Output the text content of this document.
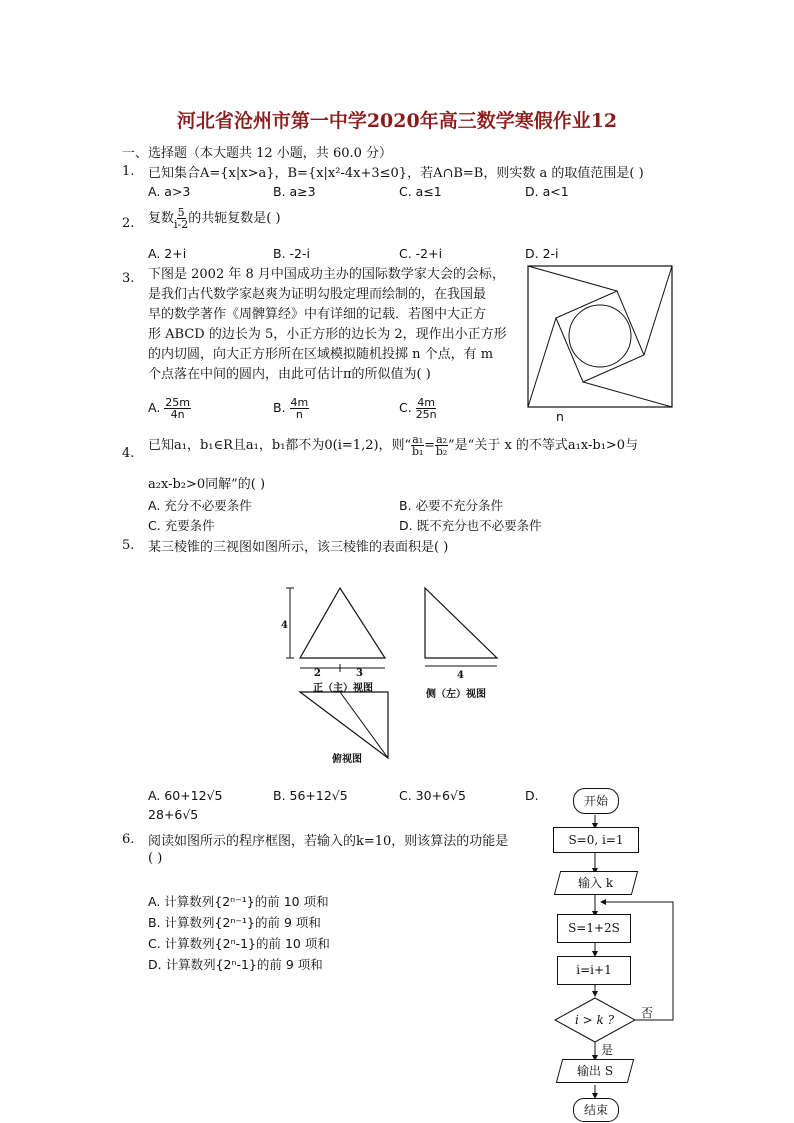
河北省沧州市第一中学2020年高三数学寒假作业12
一、选择题（本大题共 12 小题，共 60.0 分）
1. 已知集合A={x|x>a}，B={x|x²-4x+3≤0}，若A∩B=B，则实数 a 的取值范围是( )
A. a>3	B. a≥3	C. a≤1	D. a<1
2. 复数 $\frac{5}{i-2}$ 的共轭复数是( )
A. 2+i	B. -2-i	C. -2+i	D. 2-i
3. 下图是 2002 年 8 月中国成功主办的国际数学家大会的会标，
是我们古代数学家赵爽为证明勾股定理而绘制的，在我国最
早的数学著作《周髀算经》中有详细的记载．若图中大正方
形 ABCD 的边长为 5，小正方形的边长为 2，现作出小正方形
的内切圆，向大正方形所在区域模拟随机投掷 n 个点，有 m
个点落在中间的圆内，由此可估计π的所似值为( )
A. $\frac{25m}{4n}$	B. $\frac{4m}{n}$	C. $\frac{4m}{25n}$	n
4.
已知a₁，b₁∈R且a₁，b₁都不为0(i=1,2)，则“ $\frac{\text{a₁}}{\text{b₁}} = \frac{\text{a₂}}{\text{b₂}}$ ”是“关于 x 的不等式a₁x-b₁>0与
a₂x-b₂>0同解”的( )
A. 充分不必要条件	B. 必要不充分条件
C. 充要条件	D. 既不充分也不必要条件
5. 某三棱锥的三视图如图所示，该三棱锥的表面积是( )
4
2	3	4
正（主）视图
侧（左）视图
俯视图
A. 60+12√5	B. 56+12√5	C. 30+6√5	D.
28+6√5
6. 阅读如图所示的程序框图，若输入的k=10，则该算法的功能是
( )
A. 计算数列{2ⁿ⁻¹}的前 10 项和
B. 计算数列{2ⁿ⁻¹}的前 9 项和
C. 计算数列{2ⁿ-1}的前 10 项和
D. 计算数列{2ⁿ-1}的前 9 项和
开始
S=0, i=1
输入 k
S=1+2S
i=i+1
i > k ? 否
是
输出 S
结束
